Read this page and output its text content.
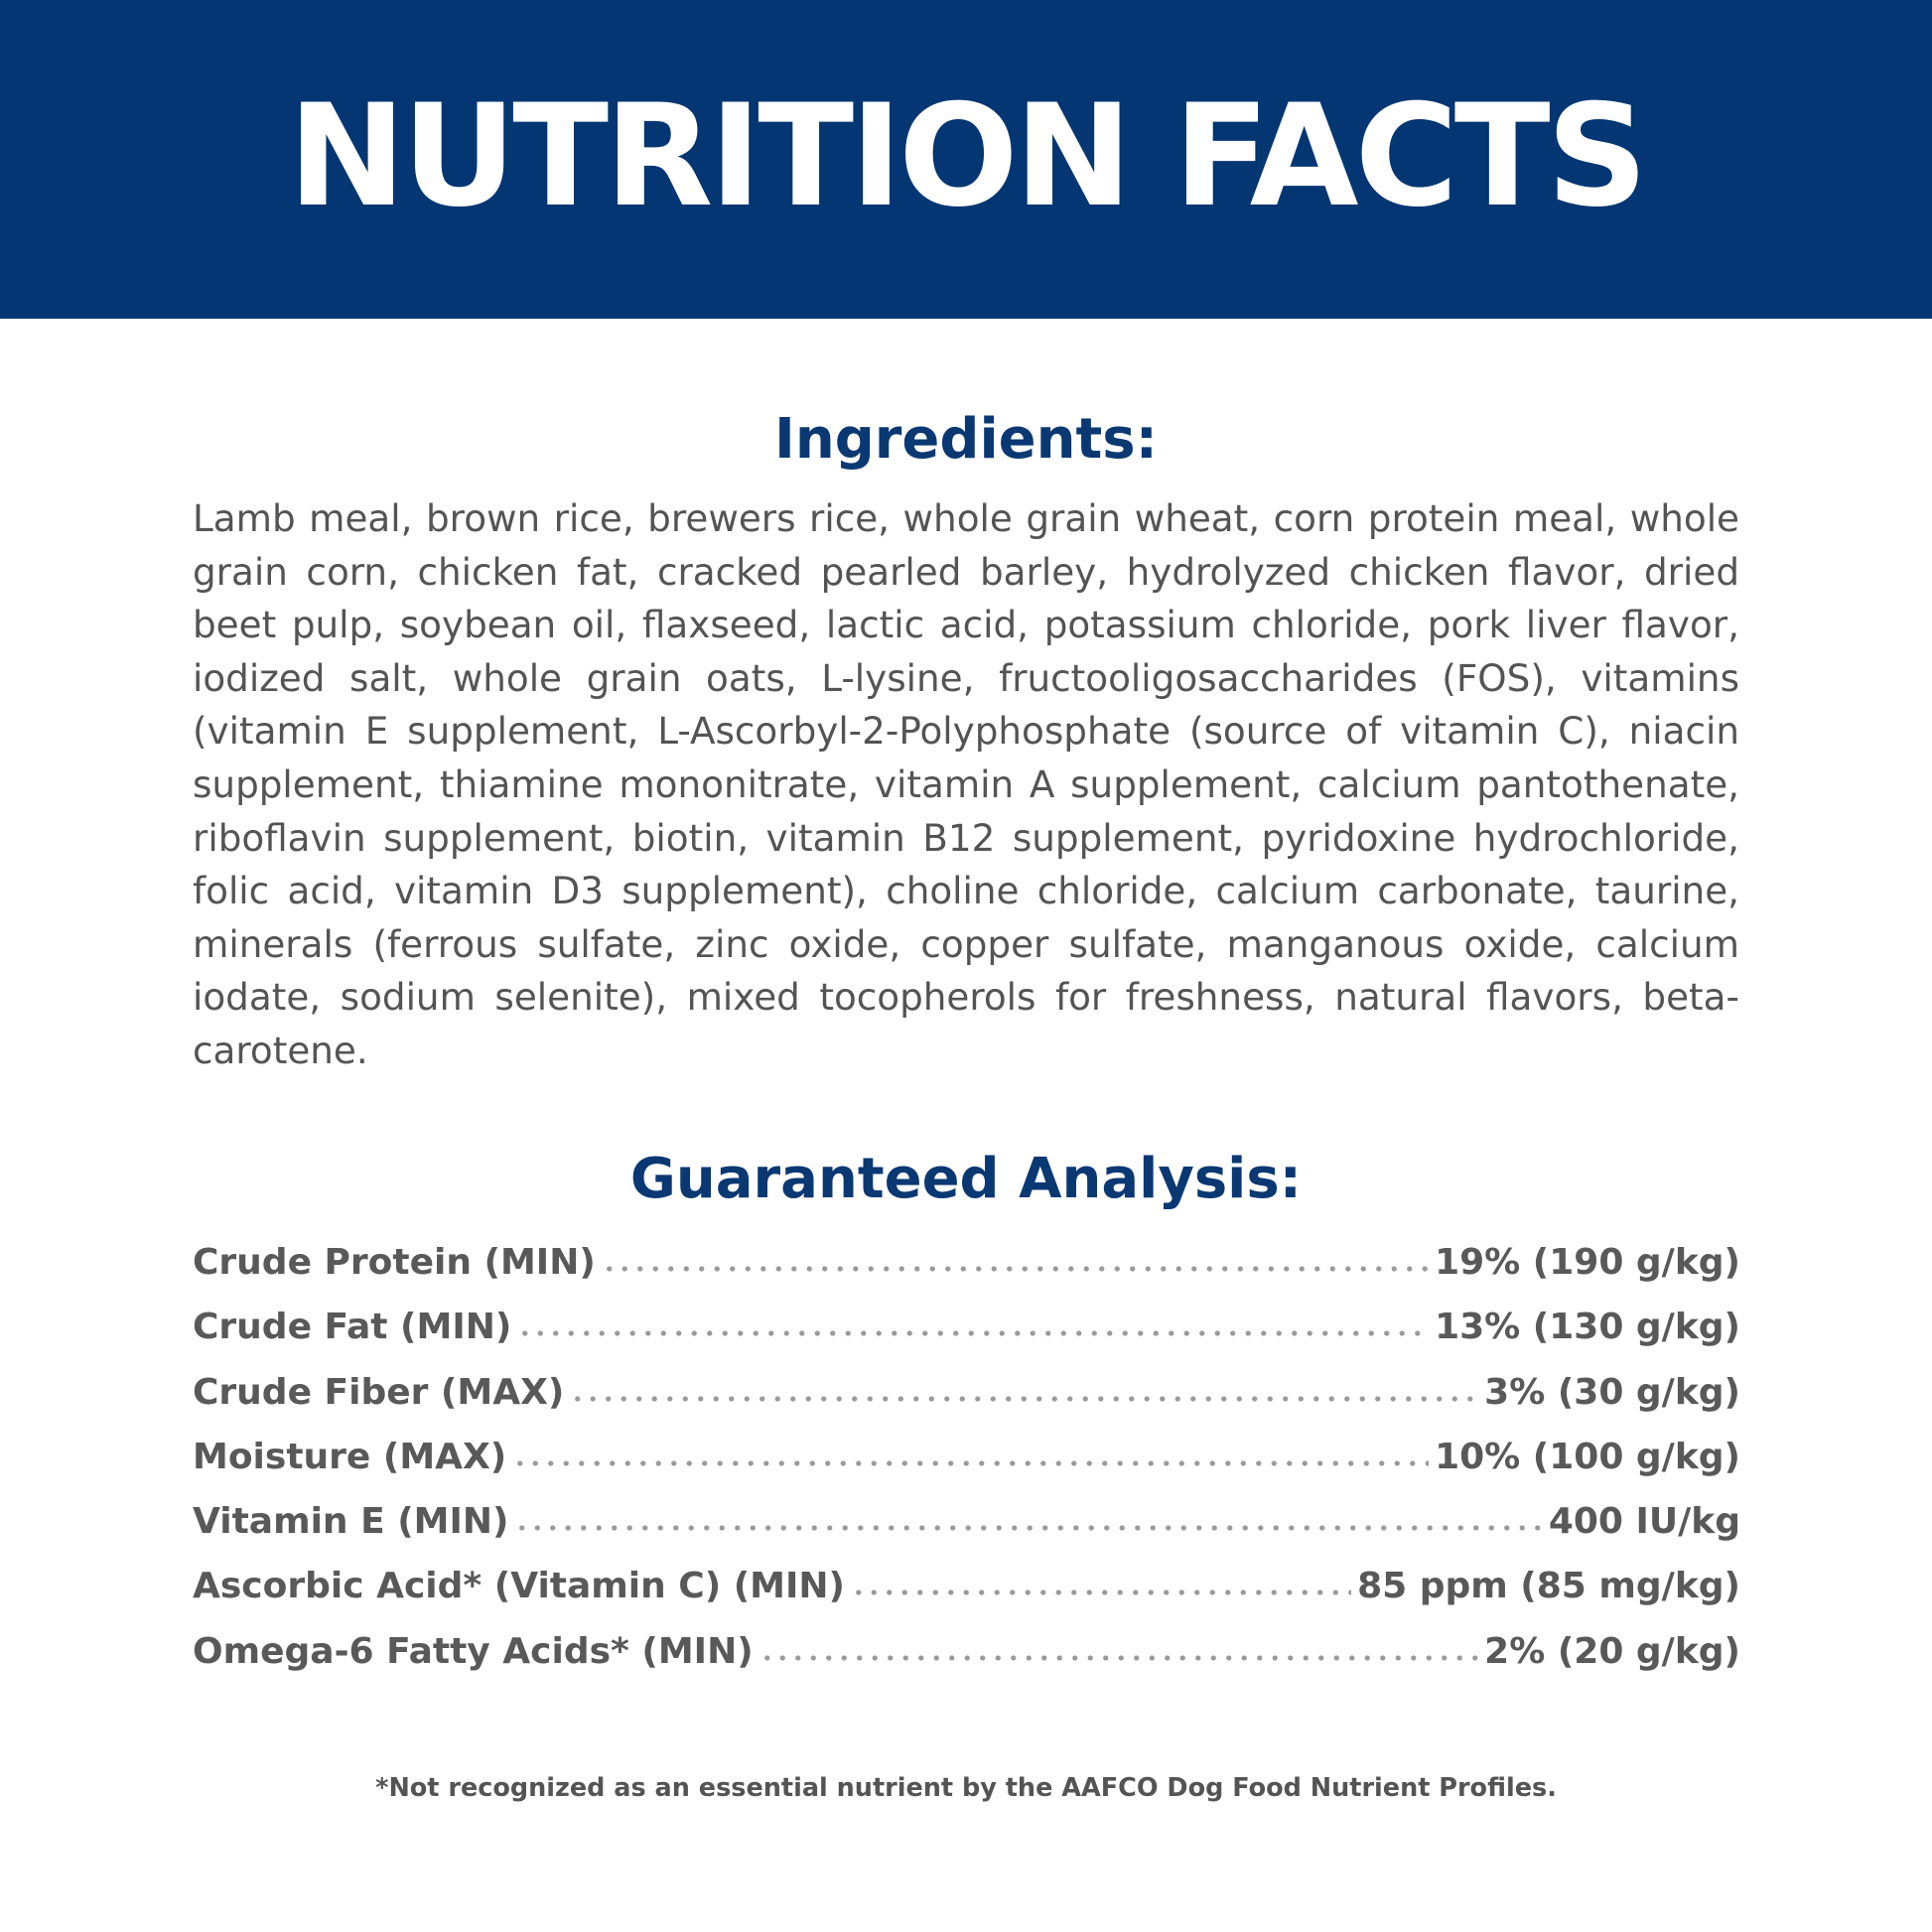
NUTRITION FACTS
Ingredients:

Lamb meal, brown rice, brewers rice, whole grain wheat, corn protein meal, whole grain corn, chicken fat, cracked pearled barley, hydrolyzed chicken flavor, dried beet pulp, soybean oil, flaxseed, lactic acid, potassium chloride, pork liver flavor, iodized salt, whole grain oats, L-lysine, fructooligosaccharides (FOS), vitamins (vitamin E supplement, L-Ascorbyl-2-Polyphosphate (source of vitamin C), niacin supplement, thiamine mononitrate, vitamin A supplement, calcium pantothenate, riboflavin supplement, biotin, vitamin B12 supplement, pyridoxine hydrochloride, folic acid, vitamin D3 supplement), choline chloride, calcium carbonate, taurine, minerals (ferrous sulfate, zinc oxide, copper sulfate, manganous oxide, calcium iodate, sodium selenite), mixed tocopherols for freshness, natural flavors, beta-carotene.

Guaranteed Analysis:
Crude Protein (MIN)	19% (190 g/kg)
Crude Fat (MIN)	13% (130 g/kg)
Crude Fiber (MAX)	3% (30 g/kg)
Moisture (MAX)	10% (100 g/kg)
Vitamin E (MIN)	400 IU/kg
Ascorbic Acid* (Vitamin C) (MIN)	85 ppm (85 mg/kg)
Omega-6 Fatty Acids* (MIN)	2% (20 g/kg)
*Not recognized as an essential nutrient by the AAFCO Dog Food Nutrient Profiles.
